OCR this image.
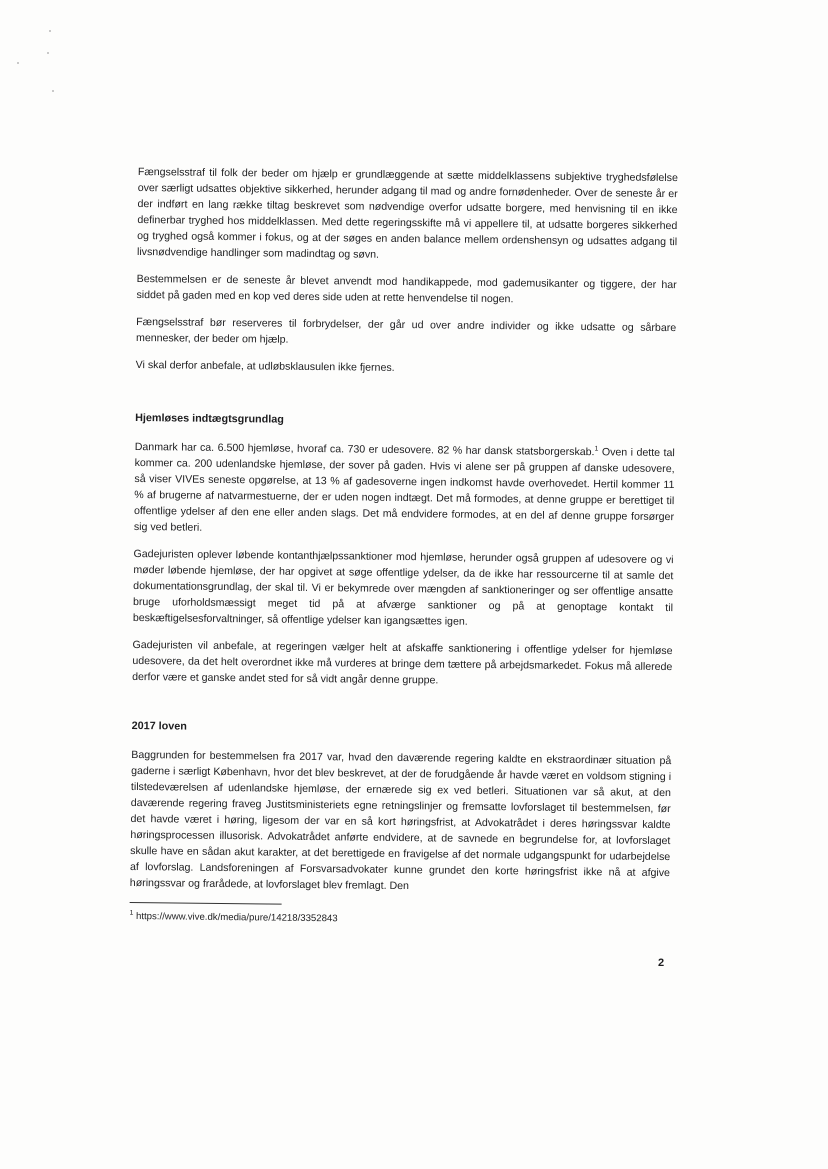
Fængselsstraf til folk der beder om hjælp er grundlæggende at sætte middelklassens subjektive tryghedsfølelse over særligt udsattes objektive sikkerhed, herunder adgang til mad og andre fornødenheder. Over de seneste år er der indført en lang række tiltag beskrevet som nødvendige overfor udsatte borgere, med henvisning til en ikke definerbar tryghed hos middelklassen. Med dette regeringsskifte må vi appellere til, at udsatte borgeres sikkerhed og tryghed også kommer i fokus, og at der søges en anden balance mellem ordenshensyn og udsattes adgang til livsnødvendige handlinger som madindtag og søvn.

Bestemmelsen er de seneste år blevet anvendt mod handikappede, mod gademusikanter og tiggere, der har siddet på gaden med en kop ved deres side uden at rette henvendelse til nogen.

Fængselsstraf bør reserveres til forbrydelser, der går ud over andre individer og ikke udsatte og sårbare mennesker, der beder om hjælp.

Vi skal derfor anbefale, at udløbsklausulen ikke fjernes.

Hjemløses indtægtsgrundlag

Danmark har ca. 6.500 hjemløse, hvoraf ca. 730 er udesovere. 82 % har dansk statsborgerskab.$^1$ Oven i dette tal kommer ca. 200 udenlandske hjemløse, der sover på gaden. Hvis vi alene ser på gruppen af danske udesovere, så viser VIVEs seneste opgørelse, at 13 % af gadesoverne ingen indkomst havde overhovedet. Hertil kommer 11 % af brugerne af natvarmestuerne, der er uden nogen indtægt. Det må formodes, at denne gruppe er berettiget til offentlige ydelser af den ene eller anden slags. Det må endvidere formodes, at en del af denne gruppe forsørger sig ved betleri.

Gadejuristen oplever løbende kontanthjælpssanktioner mod hjemløse, herunder også gruppen af udesovere og vi møder løbende hjemløse, der har opgivet at søge offentlige ydelser, da de ikke har ressourcerne til at samle det dokumentationsgrundlag, der skal til. Vi er bekymrede over mængden af sanktioneringer og ser offentlige ansatte bruge uforholdsmæssigt meget tid på at afværge sanktioner og på at genoptage kontakt til beskæftigelsesforvaltninger, så offentlige ydelser kan igangsættes igen.

Gadejuristen vil anbefale, at regeringen vælger helt at afskaffe sanktionering i offentlige ydelser for hjemløse udesovere, da det helt overordnet ikke må vurderes at bringe dem tættere på arbejdsmarkedet. Fokus må allerede derfor være et ganske andet sted for så vidt angår denne gruppe.

2017 loven

Baggrunden for bestemmelsen fra 2017 var, hvad den daværende regering kaldte en ekstraordinær situation på gaderne i særligt København, hvor det blev beskrevet, at der de forudgående år havde været en voldsom stigning i tilstedeværelsen af udenlandske hjemløse, der ernærede sig ex ved betleri. Situationen var så akut, at den daværende regering fraveg Justitsministeriets egne retningslinjer og fremsatte lovforslaget til bestemmelsen, før det havde været i høring, ligesom der var en så kort høringsfrist, at Advokatrådet i deres høringssvar kaldte høringsprocessen illusorisk. Advokatrådet anførte endvidere, at de savnede en begrundelse for, at lovforslaget skulle have en sådan akut karakter, at det berettigede en fravigelse af det normale udgangspunkt for udarbejdelse af lovforslag. Landsforeningen af Forsvarsadvokater kunne grundet den korte høringsfrist ikke nå at afgive høringssvar og frarådede, at lovforslaget blev fremlagt. Den

$^1$ https://www.vive.dk/media/pure/14218/3352843

2
